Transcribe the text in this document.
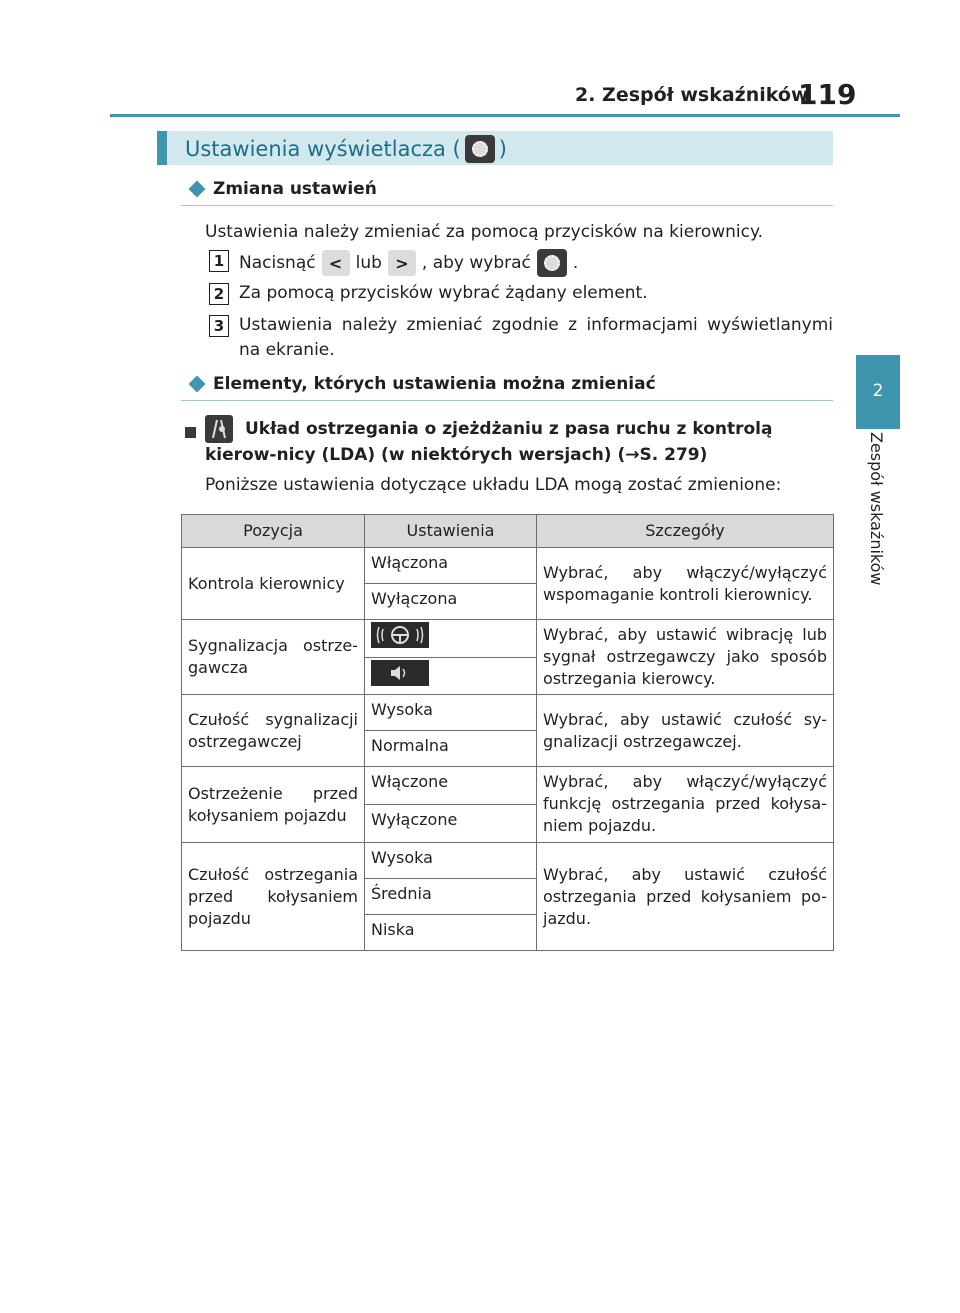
2. Zespół wskaźników
119
2
Zespół wskaźników
Ustawienia wyświetlacza ( )
Zmiana ustawień
Ustawienia należy zmieniać za pomocą przycisków na kierownicy.
1 Nacisnąć < lub > , aby wybrać .
2 Za pomocą przycisków wybrać żądany element.
3 Ustawienia należy zmieniać zgodnie z informacjami wyświetlanymi na ekranie.
Elementy, których ustawienia można zmieniać
Układ ostrzegania o zjeżdżaniu z pasa ruchu z kontrolą kierow-nicy (LDA) (w niektórych wersjach) (→S. 279)
Poniższe ustawienia dotyczące układu LDA mogą zostać zmienione:
Pozycja	Ustawienia	Szczegóły
Kontrola kierownicy	Włączona	Wybrać, aby włączyć/wyłączyć wspomaganie kontroli kierownicy.
	Wyłączona	
Sygnalizacja ostrze-gawcza		Wybrać, aby ustawić wibrację lub sygnał ostrzegawczy jako sposób ostrzegania kierowcy.

Czułość sygnalizacji ostrzegawczej	Wysoka	Wybrać, aby ustawić czułość sy-gnalizacji ostrzegawczej.
	Normalna	
Ostrzeżenie przed kołysaniem pojazdu	Włączone	Wybrać, aby włączyć/wyłączyć funkcję ostrzegania przed kołysa-niem pojazdu.
	Wyłączone	
Czułość ostrzegania przed kołysaniem pojazdu	Wysoka	Wybrać, aby ustawić czułość ostrzegania przed kołysaniem po-jazdu.
	Średnia	
	Niska	
